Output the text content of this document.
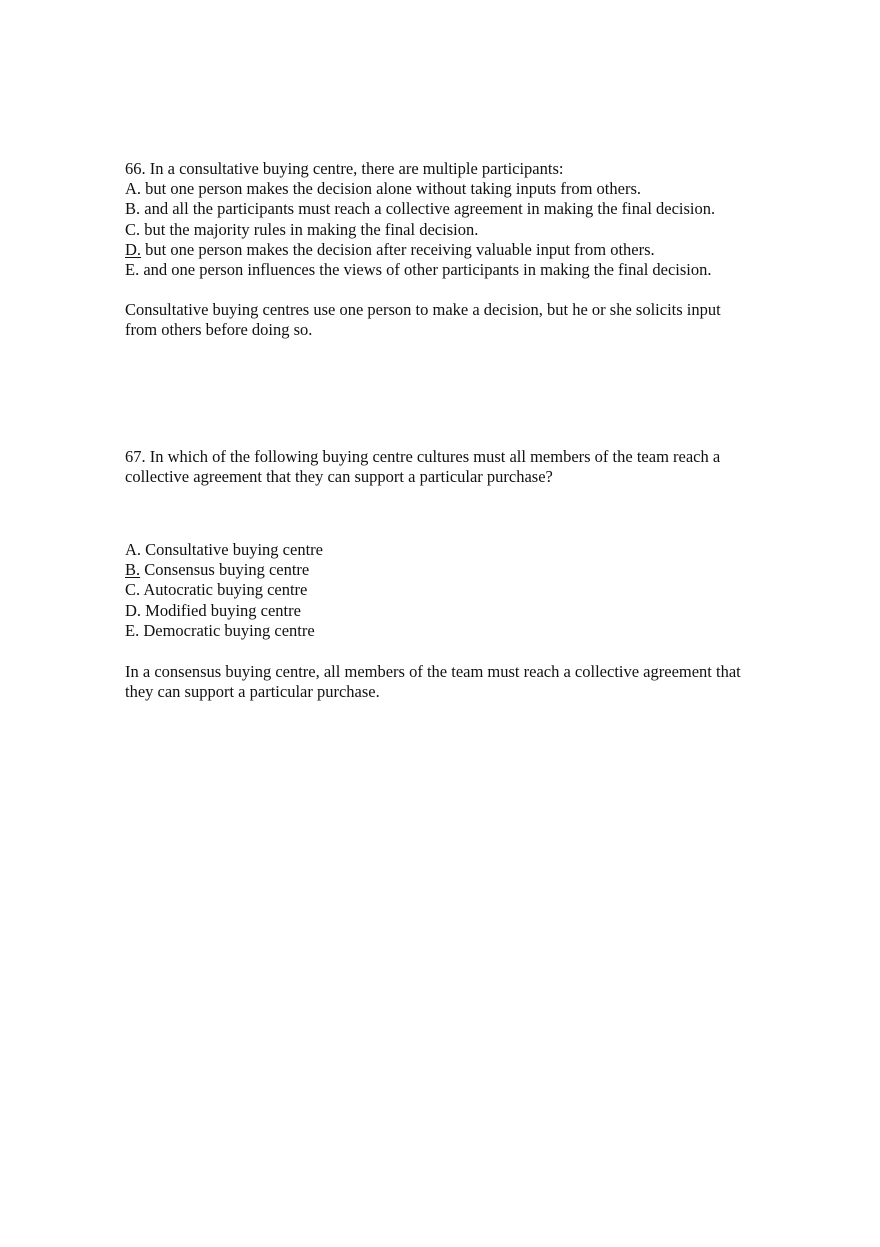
66. In a consultative buying centre, there are multiple participants:
A. but one person makes the decision alone without taking inputs from others.
B. and all the participants must reach a collective agreement in making the final decision.
C. but the majority rules in making the final decision.
D. but one person makes the decision after receiving valuable input from others.
E. and one person influences the views of other participants in making the final decision.
Consultative buying centres use one person to make a decision, but he or she solicits input
from others before doing so.
67. In which of the following buying centre cultures must all members of the team reach a
collective agreement that they can support a particular purchase?
A. Consultative buying centre
B. Consensus buying centre
C. Autocratic buying centre
D. Modified buying centre
E. Democratic buying centre
In a consensus buying centre, all members of the team must reach a collective agreement that
they can support a particular purchase.
